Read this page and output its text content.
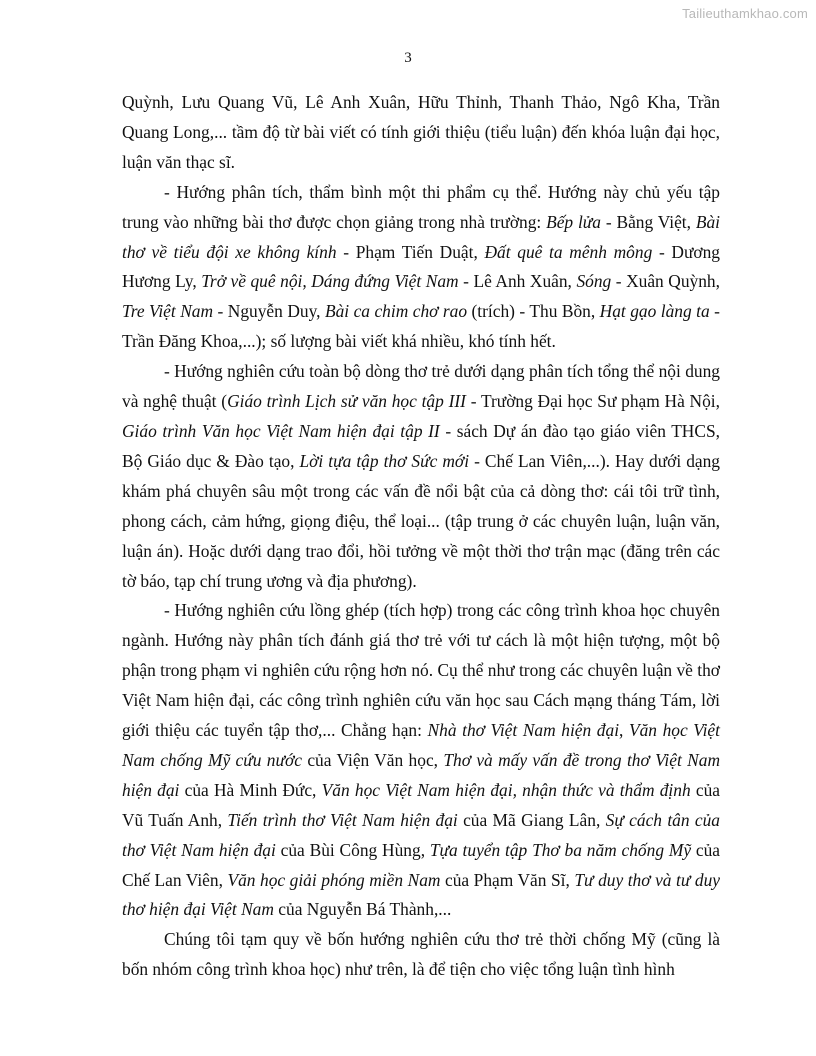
Tailieuthamkhao.com
3

Quỳnh, Lưu Quang Vũ, Lê Anh Xuân, Hữu Thỉnh, Thanh Thảo, Ngô Kha, Trần Quang Long,... tầm độ từ bài viết có tính giới thiệu (tiểu luận) đến khóa luận đại học, luận văn thạc sĩ.

- Hướng phân tích, thẩm bình một thi phẩm cụ thể. Hướng này chủ yếu tập trung vào những bài thơ được chọn giảng trong nhà trường: Bếp lửa - Bằng Việt, Bài thơ về tiểu đội xe không kính - Phạm Tiến Duật, Đất quê ta mênh mông - Dương Hương Ly, Trở về quê nội, Dáng đứng Việt Nam - Lê Anh Xuân, Sóng - Xuân Quỳnh, Tre Việt Nam - Nguyễn Duy, Bài ca chim chơ rao (trích) - Thu Bồn, Hạt gạo làng ta - Trần Đăng Khoa,...); số lượng bài viết khá nhiều, khó tính hết.

- Hướng nghiên cứu toàn bộ dòng thơ trẻ dưới dạng phân tích tổng thể nội dung và nghệ thuật (Giáo trình Lịch sử văn học tập III - Trường Đại học Sư phạm Hà Nội, Giáo trình Văn học Việt Nam hiện đại tập II - sách Dự án đào tạo giáo viên THCS, Bộ Giáo dục & Đào tạo, Lời tựa tập thơ Sức mới - Chế Lan Viên,...). Hay dưới dạng khám phá chuyên sâu một trong các vấn đề nổi bật của cả dòng thơ: cái tôi trữ tình, phong cách, cảm hứng, giọng điệu, thể loại... (tập trung ở các chuyên luận, luận văn, luận án). Hoặc dưới dạng trao đổi, hồi tưởng về một thời thơ trận mạc (đăng trên các tờ báo, tạp chí trung ương và địa phương).

- Hướng nghiên cứu lồng ghép (tích hợp) trong các công trình khoa học chuyên ngành. Hướng này phân tích đánh giá thơ trẻ với tư cách là một hiện tượng, một bộ phận trong phạm vi nghiên cứu rộng hơn nó. Cụ thể như trong các chuyên luận về thơ Việt Nam hiện đại, các công trình nghiên cứu văn học sau Cách mạng tháng Tám, lời giới thiệu các tuyển tập thơ,... Chẳng hạn: Nhà thơ Việt Nam hiện đại, Văn học Việt Nam chống Mỹ cứu nước của Viện Văn học, Thơ và mấy vấn đề trong thơ Việt Nam hiện đại của Hà Minh Đức, Văn học Việt Nam hiện đại, nhận thức và thẩm định của Vũ Tuấn Anh, Tiến trình thơ Việt Nam hiện đại của Mã Giang Lân, Sự cách tân của thơ Việt Nam hiện đại của Bùi Công Hùng, Tựa tuyển tập Thơ ba năm chống Mỹ của Chế Lan Viên, Văn học giải phóng miền Nam của Phạm Văn Sĩ, Tư duy thơ và tư duy thơ hiện đại Việt Nam của Nguyễn Bá Thành,...

Chúng tôi tạm quy về bốn hướng nghiên cứu thơ trẻ thời chống Mỹ (cũng là bốn nhóm công trình khoa học) như trên, là để tiện cho việc tổng luận tình hình
